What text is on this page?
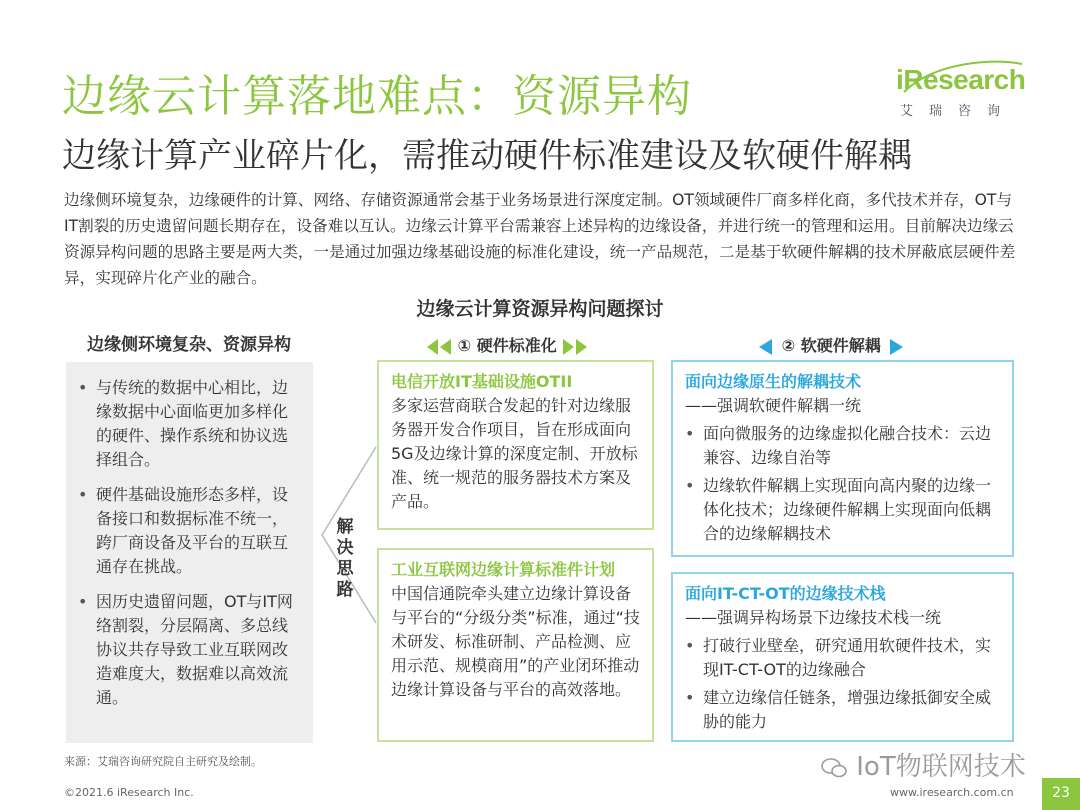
边缘云计算落地难点：资源异构
边缘计算产业碎片化，需推动硬件标准建设及软硬件解耦
iResearch
艾瑞咨询
边缘侧环境复杂，边缘硬件的计算、网络、存储资源通常会基于业务场景进行深度定制。OT领域硬件厂商多样化商，多代技术并存，OT与IT割裂的历史遗留问题长期存在，设备难以互认。边缘云计算平台需兼容上述异构的边缘设备，并进行统一的管理和运用。目前解决边缘云资源异构问题的思路主要是两大类，一是通过加强边缘基础设施的标准化建设，统一产品规范，二是基于软硬件解耦的技术屏蔽底层硬件差异，实现碎片化产业的融合。
边缘云计算资源异构问题探讨
边缘侧环境复杂、资源异构
• 与传统的数据中心相比，边缘数据中心面临更加多样化的硬件、操作系统和协议选择组合。
• 硬件基础设施形态多样，设备接口和数据标准不统一，跨厂商设备及平台的互联互通存在挑战。
• 因历史遗留问题，OT与IT网络割裂，分层隔离、多总线协议共存导致工业互联网改造难度大，数据难以高效流通。
解决思路
① 硬件标准化	② 软硬件解耦
电信开放IT基础设施OTII
多家运营商联合发起的针对边缘服务器开发合作项目，旨在形成面向5G及边缘计算的深度定制、开放标准、统一规范的服务器技术方案及产品。
工业互联网边缘计算标准件计划
中国信通院牵头建立边缘计算设备与平台的“分级分类”标准，通过“技术研发、标准研制、产品检测、应用示范、规模商用”的产业闭环推动边缘计算设备与平台的高效落地。
面向边缘原生的解耦技术
——强调软硬件解耦一统
• 面向微服务的边缘虚拟化融合技术：云边兼容、边缘自治等
• 边缘软件解耦上实现面向高内聚的边缘一体化技术；边缘硬件解耦上实现面向低耦合的边缘解耦技术
面向IT-CT-OT的边缘技术栈
——强调异构场景下边缘技术栈一统
• 打破行业壁垒，研究通用软硬件技术，实现IT-CT-OT的边缘融合
• 建立边缘信任链条，增强边缘抵御安全威胁的能力
来源：艾瑞咨询研究院自主研究及绘制。
©2021.6 iResearch Inc.	www.iresearch.com.cn	23
IoT物联网技术
